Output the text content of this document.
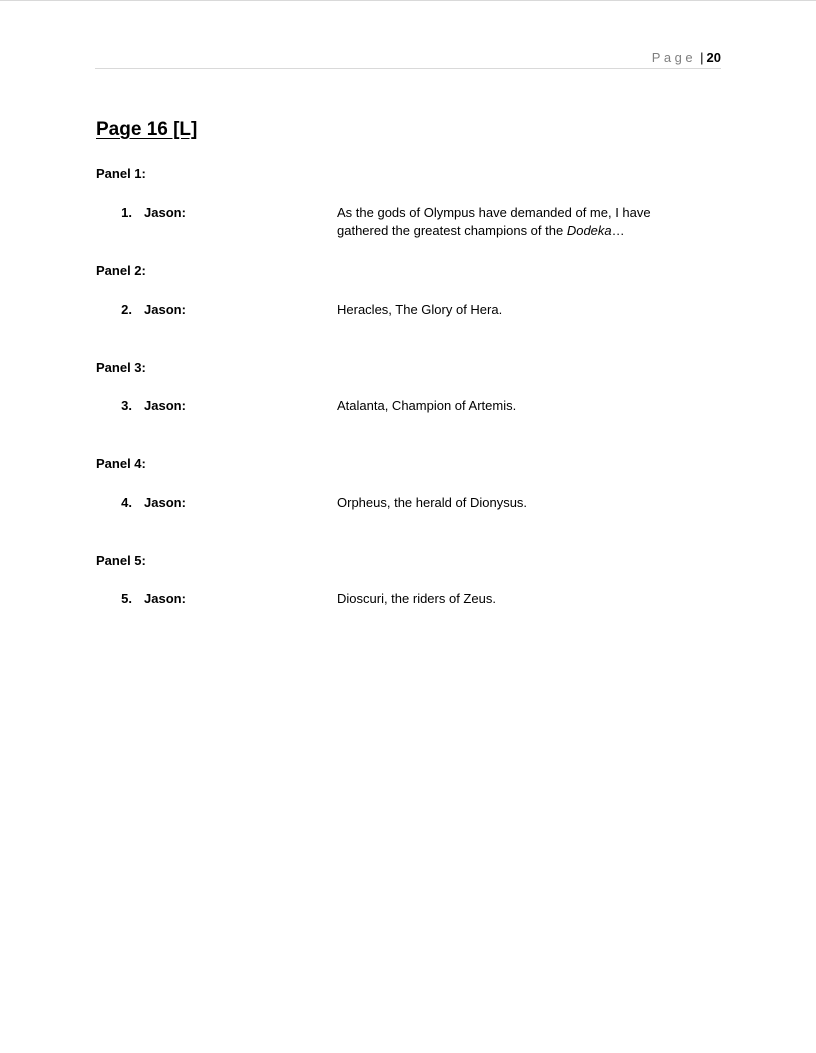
Page | 20
Page 16 [L]
Panel 1:
1. Jason:	As the gods of Olympus have demanded of me, I have gathered the greatest champions of the Dodeka…
Panel 2:
2. Jason:	Heracles, The Glory of Hera.
Panel 3:
3. Jason:	Atalanta, Champion of Artemis.
Panel 4:
4. Jason:	Orpheus, the herald of Dionysus.
Panel 5:
5. Jason:	Dioscuri, the riders of Zeus.
